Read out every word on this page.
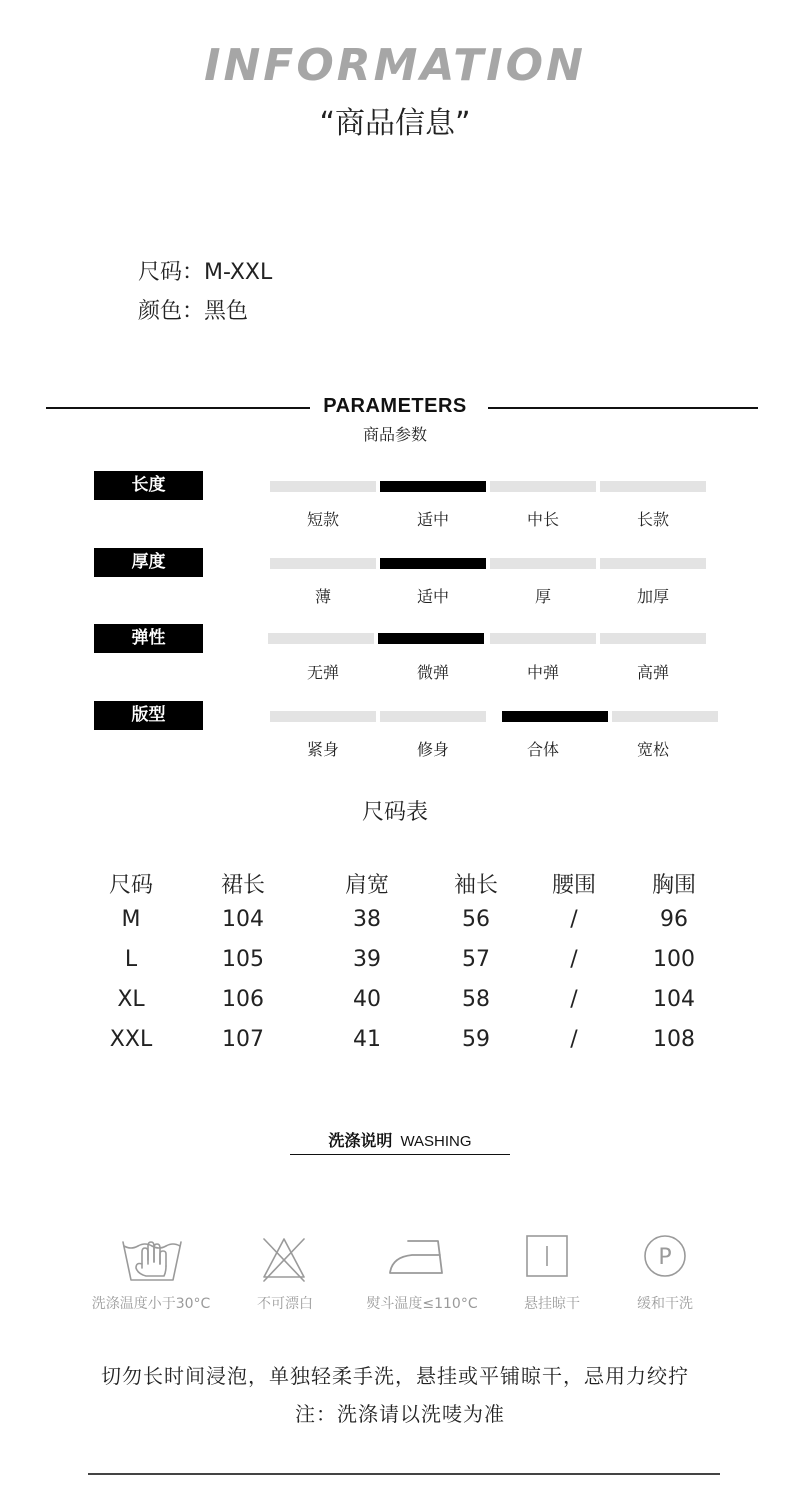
INFORMATION
“商品信息”
尺码 ： M-XXL
颜色 ： 黑色
PARAMETERS
商品参数
长度
短款	适中	中长	长款
厚度
薄	适中	厚	加厚
弹性
无弹	微弹	中弹	高弹
版型
紧身	修身	合体	宽松
尺码表
尺码	裙长	肩宽	袖长	腰围	胸围
M	104	38	56	/	96
L	105	39	57	/	100
XL	106	40	58	/	104
XXL	107	41	59	/	108
洗涤说明 WASHING
P
洗涤温度小于30°C	不可漂白	熨斗温度≤110°C	悬挂晾干	缓和干洗
切勿长时间浸泡，单独轻柔手洗，悬挂或平铺晾干，忌用力绞拧
注：洗涤请以洗唛为准
